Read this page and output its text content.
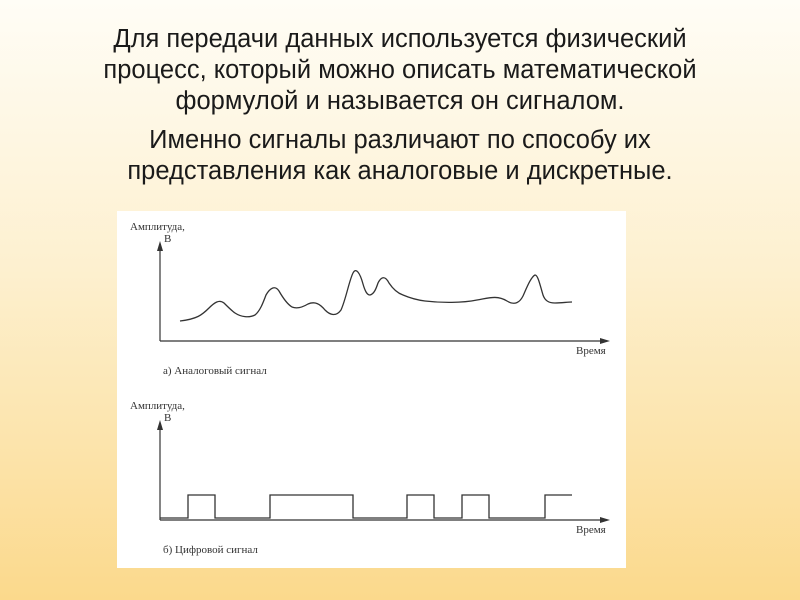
Для передачи данных используется физический
процесс, который можно описать математической
формулой и называется он сигналом.

Именно сигналы различают по способу их
представления как аналоговые и дискретные.

Амплитуда,
В
Время
а) Аналоговый сигнал
Амплитуда,
В
Время
б) Цифровой сигнал
